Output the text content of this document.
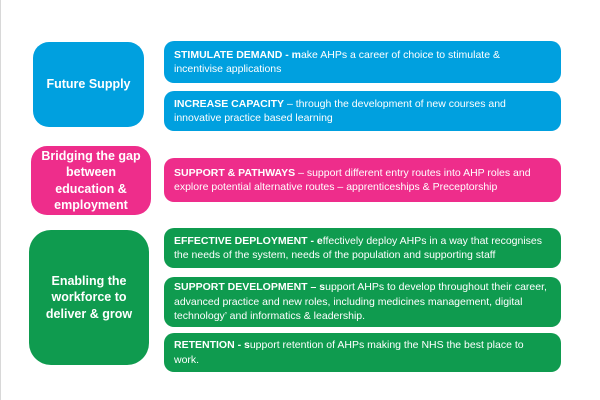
Future Supply
Bridging the gap between education & employment
Enabling the workforce to deliver & grow
STIMULATE DEMAND - make AHPs a career of choice to stimulate & incentivise applications
INCREASE CAPACITY – through the development of new courses and innovative practice based learning
SUPPORT & PATHWAYS – support different entry routes into AHP roles and explore potential alternative routes – apprenticeships & Preceptorship
EFFECTIVE DEPLOYMENT - effectively deploy AHPs in a way that recognises the needs of the system, needs of the population and supporting staff
SUPPORT DEVELOPMENT – support AHPs to develop throughout their career, advanced practice and new roles, including medicines management, digital technology’ and informatics & leadership.
RETENTION - support retention of AHPs making the NHS the best place to work.
